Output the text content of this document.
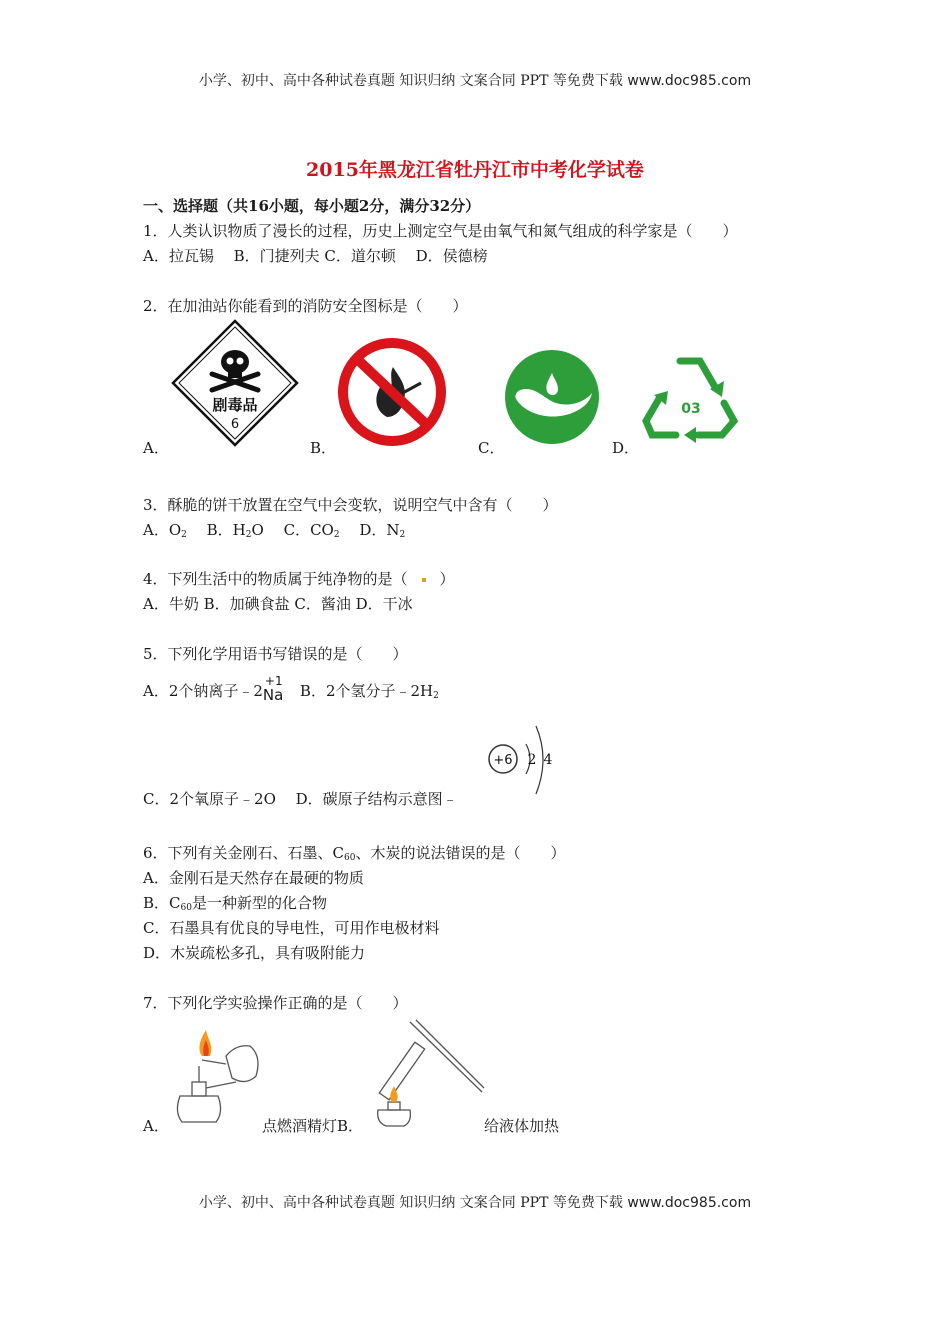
小学、初中、高中各种试卷真题 知识归纳 文案合同 PPT 等免费下载 www.doc985.com
2015年黑龙江省牡丹江市中考化学试卷
一、选择题（共16小题，每小题2分，满分32分）
1．人类认识物质了漫长的过程，历史上测定空气是由氧气和氮气组成的科学家是（　　）
A．拉瓦锡　 B．门捷列夫 C．道尔顿　 D．侯德榜
2．在加油站你能看到的消防安全图标是（　　）
剧毒品
6
03
A．	B．	C．	D．
3．酥脆的饼干放置在空气中会变软，说明空气中含有（　　）
A．$O_2$ 　B．$H_2O$ 　C．$CO_2$ 　D．$N_2$
4．下列生活中的物质属于纯净物的是（ ）
A．牛奶 B．加碘食盐 C．酱油 D．干冰
5．下列化学用语书写错误的是（　　）
A．2个钠离子﹣2
+1
Na 　B．2个氢分子$﹣2H_2$
+6 2 4
C．2个氧原子﹣2O　 D．碳原子结构示意图﹣
6．下列有关金刚石、石墨、$C_{60}$、木炭的说法错误的是（　　）
A．金刚石是天然存在最硬的物质
B．$C_{60}$是一种新型的化合物
C．石墨具有优良的导电性，可用作电极材料
D．木炭疏松多孔，具有吸附能力
7．下列化学实验操作正确的是（　　）
A．	点燃酒精灯B．	给液体加热
小学、初中、高中各种试卷真题 知识归纳 文案合同 PPT 等免费下载 www.doc985.com
